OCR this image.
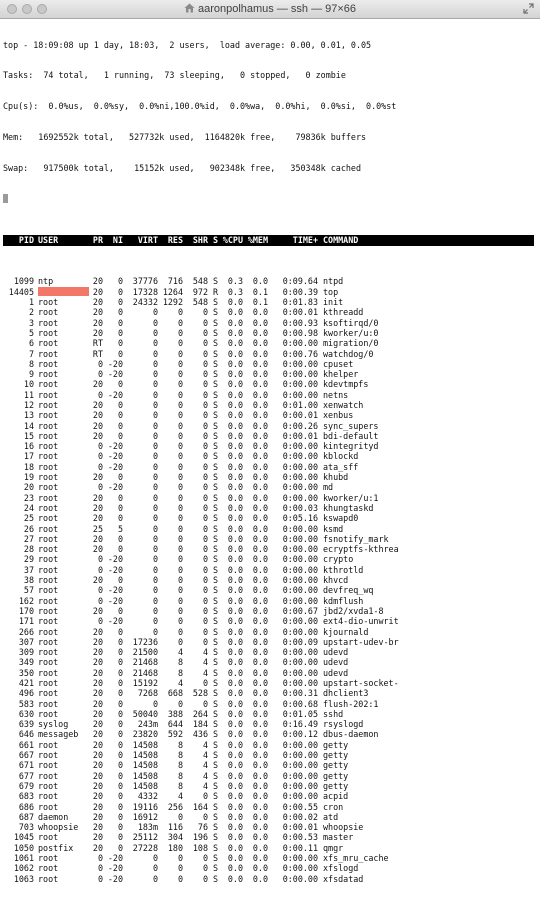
aaronpolhamus — ssh — 97×66

top - 18:09:08 up 1 day, 18:03,  2 users,  load average: 0.00, 0.01, 0.05

Tasks:  74 total,   1 running,  73 sleeping,   0 stopped,   0 zombie

Cpu(s):  0.0%us,  0.0%sy,  0.0%ni,100.0%id,  0.0%wa,  0.0%hi,  0.0%si,  0.0%st

Mem:   1692552k total,   527732k used,  1164820k free,    79836k buffers

Swap:   917500k total,    15152k used,   902348k free,   350348k cached

PID USER	PR NI VIRT RES SHR S %CPU %MEM	TIME+ COMMAND

1099 ntp	20 0 37776 716 548 S 0.3 0.0 0:09.64 ntpd
14405	20 0 17328 1264 972 R 0.3 0.1 0:00.39 top
1 root	20 0 24332 1292 548 S 0.0 0.1 0:01.83 init
2 root	20 0	0 0 0 S 0.0 0.0 0:00.01 kthreadd
3 root	20 0	0 0 0 S 0.0 0.0 0:00.93 ksoftirqd/0
5 root	20 0	0 0 0 S 0.0 0.0 0:00.98 kworker/u:0
6 root	RT 0	0 0 0 S 0.0 0.0 0:00.00 migration/0
7 root	RT 0	0 0 0 S 0.0 0.0 0:00.76 watchdog/0
8 root	0 -20	0 0 0 S 0.0 0.0 0:00.00 cpuset
9 root	0 -20	0 0 0 S 0.0 0.0 0:00.00 khelper
10 root	20 0	0 0 0 S 0.0 0.0 0:00.00 kdevtmpfs
11 root	0 -20	0 0 0 S 0.0 0.0 0:00.00 netns
12 root	20 0	0 0 0 S 0.0 0.0 0:01.00 xenwatch
13 root	20 0	0 0 0 S 0.0 0.0 0:00.01 xenbus
14 root	20 0	0 0 0 S 0.0 0.0 0:00.26 sync_supers
15 root	20 0	0 0 0 S 0.0 0.0 0:00.01 bdi-default
16 root	0 -20	0 0 0 S 0.0 0.0 0:00.00 kintegrityd
17 root	0 -20	0 0 0 S 0.0 0.0 0:00.00 kblockd
18 root	0 -20	0 0 0 S 0.0 0.0 0:00.00 ata_sff
19 root	20 0	0 0 0 S 0.0 0.0 0:00.00 khubd
20 root	0 -20	0 0 0 S 0.0 0.0 0:00.00 md
23 root	20 0	0 0 0 S 0.0 0.0 0:00.00 kworker/u:1
24 root	20 0	0 0 0 S 0.0 0.0 0:00.03 khungtaskd
25 root	20 0	0 0 0 S 0.0 0.0 0:05.16 kswapd0
26 root	25 5	0 0 0 S 0.0 0.0 0:00.00 ksmd
27 root	20 0	0 0 0 S 0.0 0.0 0:00.00 fsnotify_mark
28 root	20 0	0 0 0 S 0.0 0.0 0:00.00 ecryptfs-kthrea
29 root	0 -20	0 0 0 S 0.0 0.0 0:00.00 crypto
37 root	0 -20	0 0 0 S 0.0 0.0 0:00.00 kthrotld
38 root	20 0	0 0 0 S 0.0 0.0 0:00.00 khvcd
57 root	0 -20	0 0 0 S 0.0 0.0 0:00.00 devfreq_wq
162 root	0 -20	0 0 0 S 0.0 0.0 0:00.00 kdmflush
170 root	20 0	0 0 0 S 0.0 0.0 0:00.67 jbd2/xvda1-8
171 root	0 -20	0 0 0 S 0.0 0.0 0:00.00 ext4-dio-unwrit
266 root	20 0	0 0 0 S 0.0 0.0 0:00.00 kjournald
307 root	20 0 17236 0 0 S 0.0 0.0 0:00.09 upstart-udev-br
309 root	20 0 21500 4 4 S 0.0 0.0 0:00.00 udevd
349 root	20 0 21468 8 4 S 0.0 0.0 0:00.00 udevd
350 root	20 0 21468 8 4 S 0.0 0.0 0:00.00 udevd
421 root	20 0 15192 4 0 S 0.0 0.0 0:00.00 upstart-socket-
496 root	20 0 7268 668 528 S 0.0 0.0 0:00.31 dhclient3
583 root	20 0	0 0 0 S 0.0 0.0 0:00.68 flush-202:1
630 root	20 0 50040 388 264 S 0.0 0.0 0:01.05 sshd
639 syslog	20 0 243m 644 184 S 0.0 0.0 0:16.49 rsyslogd
646 messageb 20 0 23820 592 436 S 0.0 0.0 0:00.12 dbus-daemon
661 root	20 0 14508 8 4 S 0.0 0.0 0:00.00 getty
667 root	20 0 14508 8 4 S 0.0 0.0 0:00.00 getty
671 root	20 0 14508 8 4 S 0.0 0.0 0:00.00 getty
677 root	20 0 14508 8 4 S 0.0 0.0 0:00.00 getty
679 root	20 0 14508 8 4 S 0.0 0.0 0:00.00 getty
683 root	20 0 4332 4 0 S 0.0 0.0 0:00.00 acpid
686 root	20 0 19116 256 164 S 0.0 0.0 0:00.55 cron
687 daemon	20 0 16912 0 0 S 0.0 0.0 0:00.02 atd
703 whoopsie 20 0 183m 116 76 S 0.0 0.0 0:00.01 whoopsie
1045 root	20 0 25112 304 196 S 0.0 0.0 0:00.53 master
1050 postfix 20 0 27228 180 108 S 0.0 0.0 0:00.11 qmgr
1061 root	0 -20	0 0 0 S 0.0 0.0 0:00.00 xfs_mru_cache
1062 root	0 -20	0 0 0 S 0.0 0.0 0:00.00 xfslogd
1063 root	0 -20	0 0 0 S 0.0 0.0 0:00.00 xfsdatad
